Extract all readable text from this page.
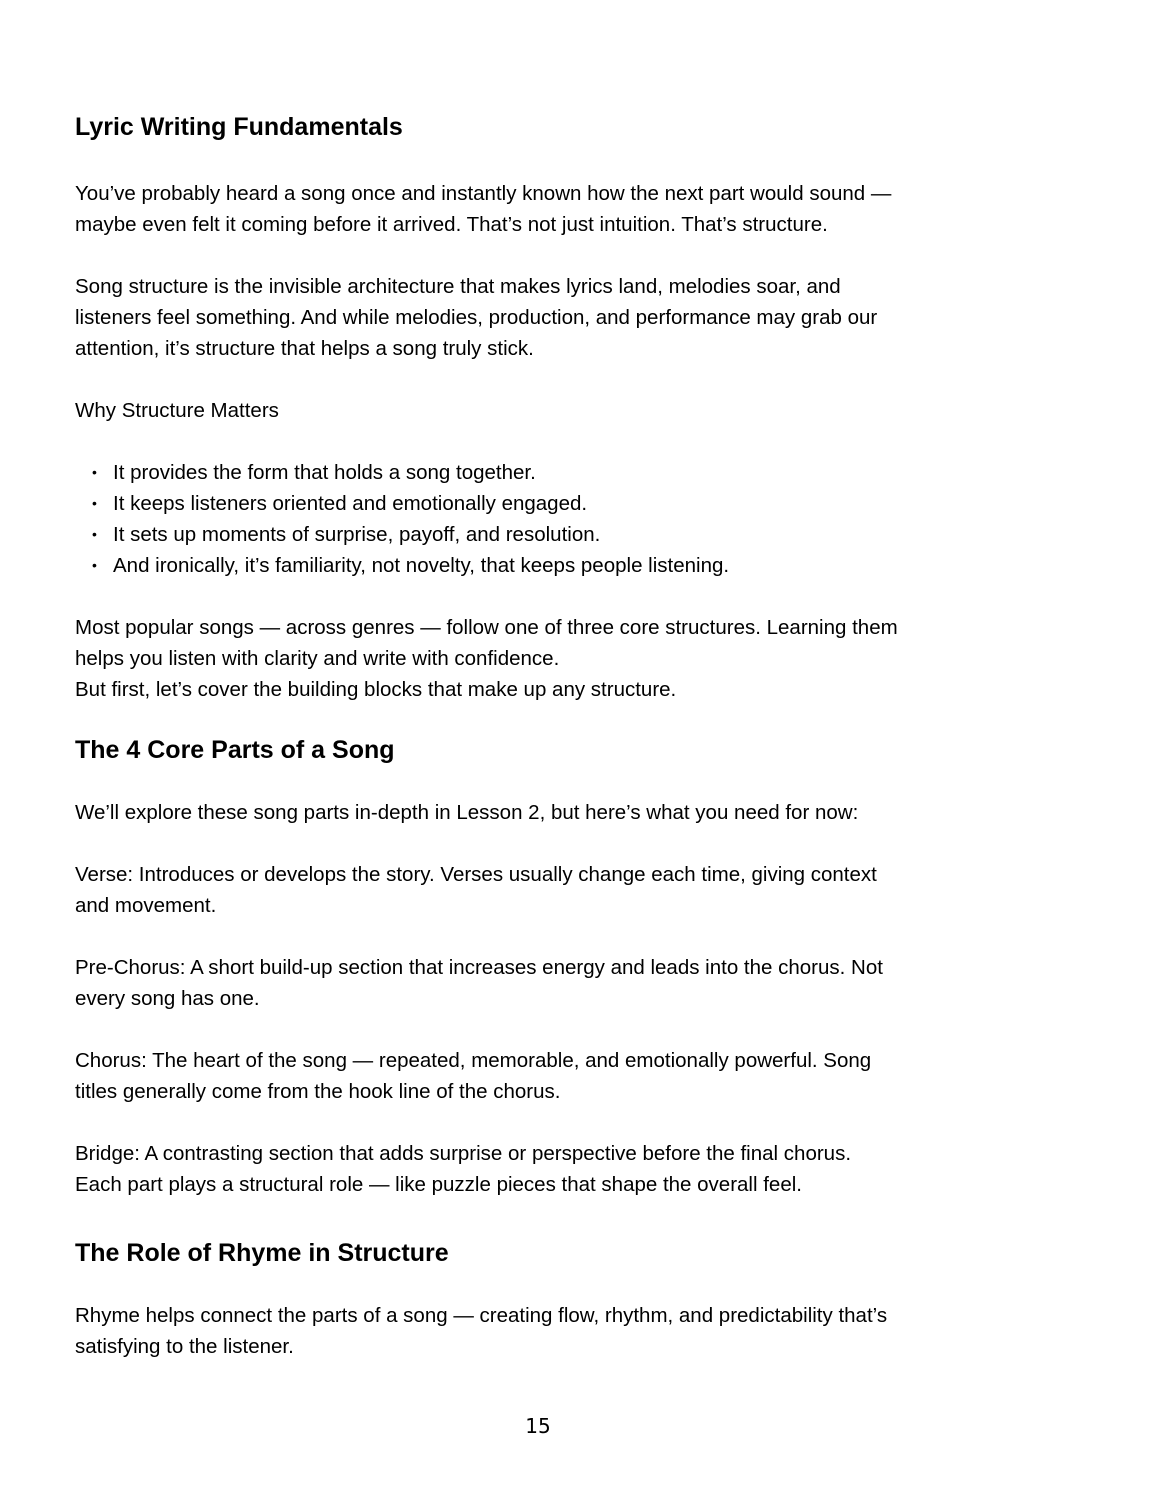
Lyric Writing Fundamentals

You’ve probably heard a song once and instantly known how the next part would sound —
maybe even felt it coming before it arrived. That’s not just intuition. That’s structure.

Song structure is the invisible architecture that makes lyrics land, melodies soar, and
listeners feel something. And while melodies, production, and performance may grab our
attention, it’s structure that helps a song truly stick.

Why Structure Matters

• It provides the form that holds a song together.
• It keeps listeners oriented and emotionally engaged.
• It sets up moments of surprise, payoff, and resolution.
• And ironically, it’s familiarity, not novelty, that keeps people listening.

Most popular songs — across genres — follow one of three core structures. Learning them
helps you listen with clarity and write with confidence.
But first, let’s cover the building blocks that make up any structure.

The 4 Core Parts of a Song

We’ll explore these song parts in-depth in Lesson 2, but here’s what you need for now:

Verse: Introduces or develops the story. Verses usually change each time, giving context
and movement.

Pre-Chorus: A short build-up section that increases energy and leads into the chorus. Not
every song has one.

Chorus: The heart of the song — repeated, memorable, and emotionally powerful. Song
titles generally come from the hook line of the chorus.

Bridge: A contrasting section that adds surprise or perspective before the final chorus.
Each part plays a structural role — like puzzle pieces that shape the overall feel.

The Role of Rhyme in Structure

Rhyme helps connect the parts of a song — creating flow, rhythm, and predictability that’s
satisfying to the listener.

15
